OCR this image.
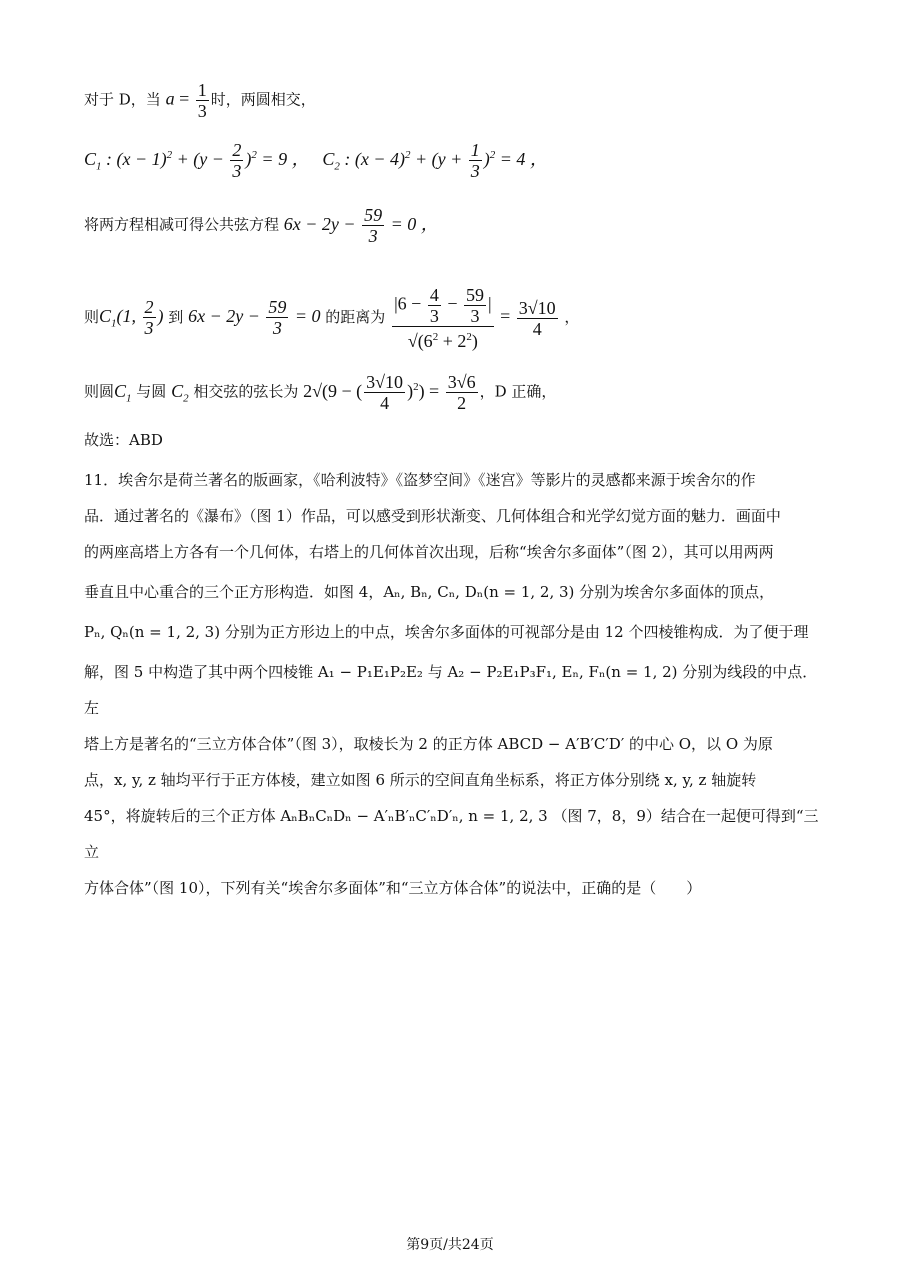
对于 D，当 $a = \frac{1}{3}$ 时，两圆相交，
$C_1$ : $(x - 1)^2 + (y - \frac{2}{3} )^2 = 9$ ， $C_2$ : $(x - 4)^2 + (y + \frac{1}{3} )^2 = 4$ ，
将两方程相减可得公共弦方程 $6x - 2y - \frac{59}{3} = 0$ ，
则$C_1(1$, $\frac{2}{3}$ ) 到 $6x - 2y - \frac{59}{3} = 0$ 的距离为 $\frac{|6 - \frac{4}{3} - \frac{59}{3} |}{√(6^2 + 2^2)} = \frac{3√10}{4}$ ，
则圆$C_1$ 与圆 $C_2$ 相交弦的弦长为 2√(9 − ( $\frac{3√10}{4} )^2) = \frac{3√6}{2}$ ，D 正确，
故选：ABD
11．埃舍尔是荷兰著名的版画家，《哈利波特》《盗梦空间》《迷宫》等影片的灵感都来源于埃舍尔的作
品．通过著名的《瀑布》（图 1）作品，可以感受到形状渐变、几何体组合和光学幻觉方面的魅力．画面中
的两座高塔上方各有一个几何体，右塔上的几何体首次出现，后称“埃舍尔多面体”（图 2），其可以用两两
垂直且中心重合的三个正方形构造．如图 4，Aₙ, Bₙ, Cₙ, Dₙ(n = 1, 2, 3) 分别为埃舍尔多面体的顶点，
Pₙ, Qₙ(n = 1, 2, 3) 分别为正方形边上的中点，埃舍尔多面体的可视部分是由 12 个四棱锥构成．为了便于理
解，图 5 中构造了其中两个四棱锥 A₁ − P₁E₁P₂E₂ 与 A₂ − P₂E₁P₃F₁, Eₙ, Fₙ(n = 1, 2) 分别为线段的中点．左
塔上方是著名的“三立方体合体”（图 3），取棱长为 2 的正方体 ABCD − A′B′C′D′ 的中心 O，以 O 为原
点，x, y, z 轴均平行于正方体棱，建立如图 6 所示的空间直角坐标系，将正方体分别绕 x, y, z 轴旋转
45°，将旋转后的三个正方体 AₙBₙCₙDₙ − A′ₙB′ₙC′ₙD′ₙ, n = 1, 2, 3 （图 7，8，9）结合在一起便可得到“三立
方体合体”（图 10），下列有关“埃舍尔多面体”和“三立方体合体”的说法中，正确的是（　　）
第9页/共24页
